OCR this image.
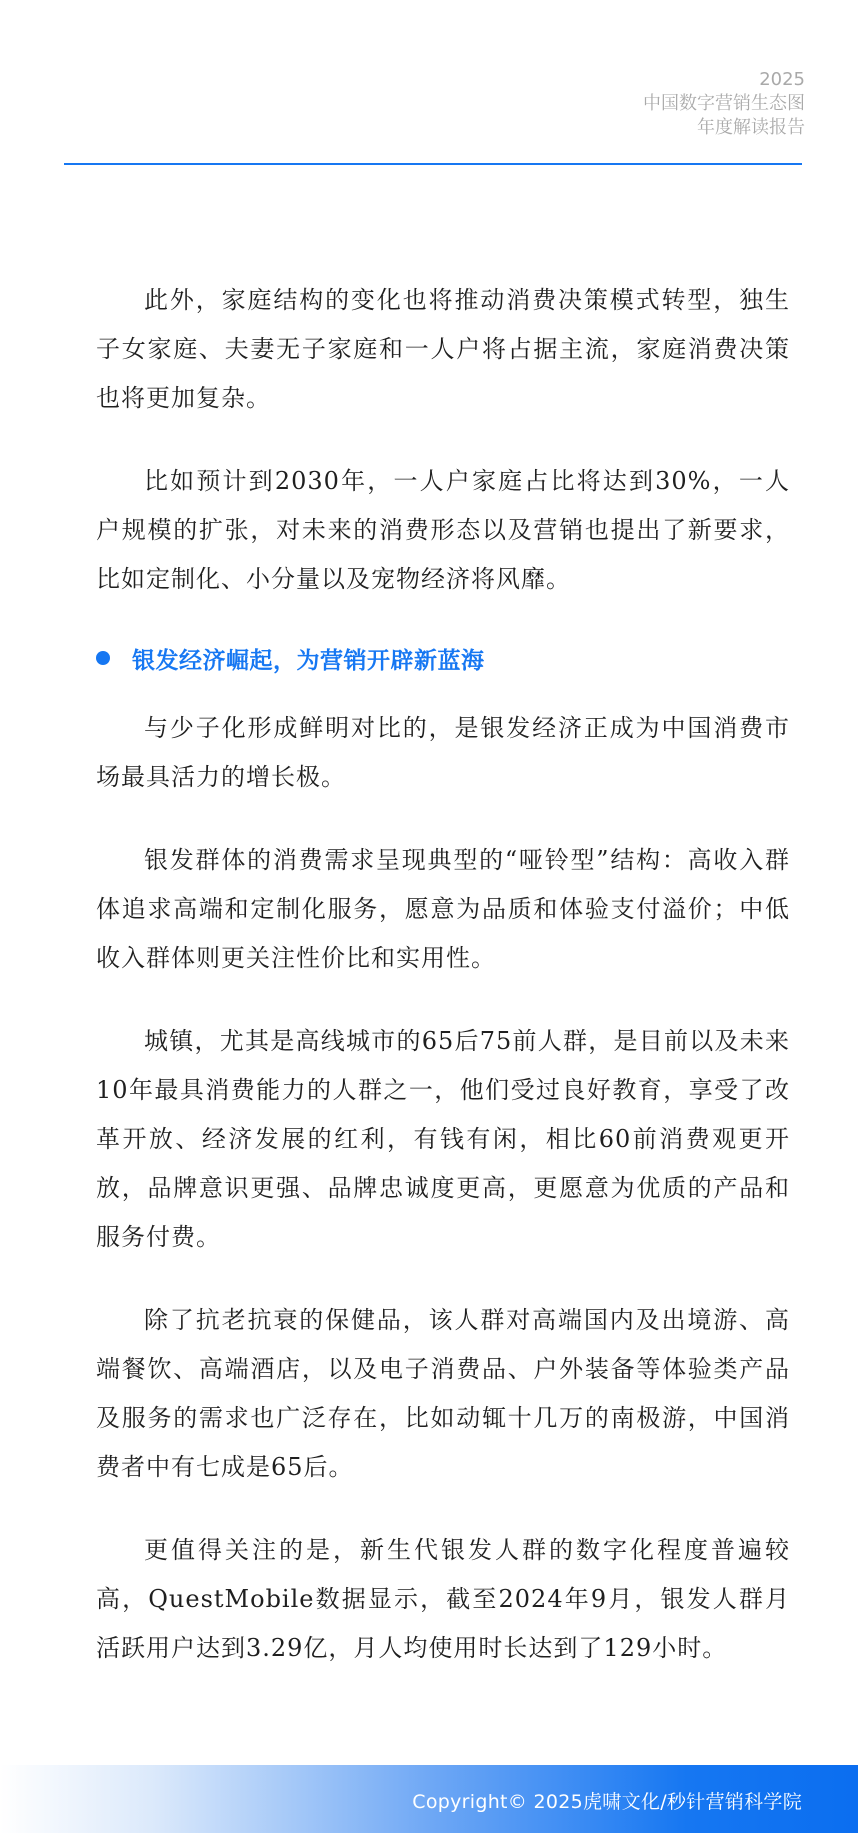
2025
中国数字营销生态图
年度解读报告

此外，家庭结构的变化也将推动消费决策模式转型，独生子女家庭、夫妻无子家庭和一人户将占据主流，家庭消费决策也将更加复杂。

比如预计到2030年，一人户家庭占比将达到30%，一人户规模的扩张，对未来的消费形态以及营销也提出了新要求，比如定制化、小分量以及宠物经济将风靡。

银发经济崛起，为营销开辟新蓝海

与少子化形成鲜明对比的，是银发经济正成为中国消费市场最具活力的增长极。

银发群体的消费需求呈现典型的“哑铃型”结构：高收入群体追求高端和定制化服务，愿意为品质和体验支付溢价；中低收入群体则更关注性价比和实用性。

城镇，尤其是高线城市的65后75前人群，是目前以及未来10年最具消费能力的人群之一，他们受过良好教育，享受了改革开放、经济发展的红利，有钱有闲，相比60前消费观更开放，品牌意识更强、品牌忠诚度更高，更愿意为优质的产品和服务付费。

除了抗老抗衰的保健品，该人群对高端国内及出境游、高端餐饮、高端酒店，以及电子消费品、户外装备等体验类产品及服务的需求也广泛存在，比如动辄十几万的南极游，中国消费者中有七成是65后。

更值得关注的是，新生代银发人群的数字化程度普遍较高，QuestMobile数据显示，截至2024年9月，银发人群月活跃用户达到3.29亿，月人均使用时长达到了129小时。

Copyright© 2025虎啸文化/秒针营销科学院
